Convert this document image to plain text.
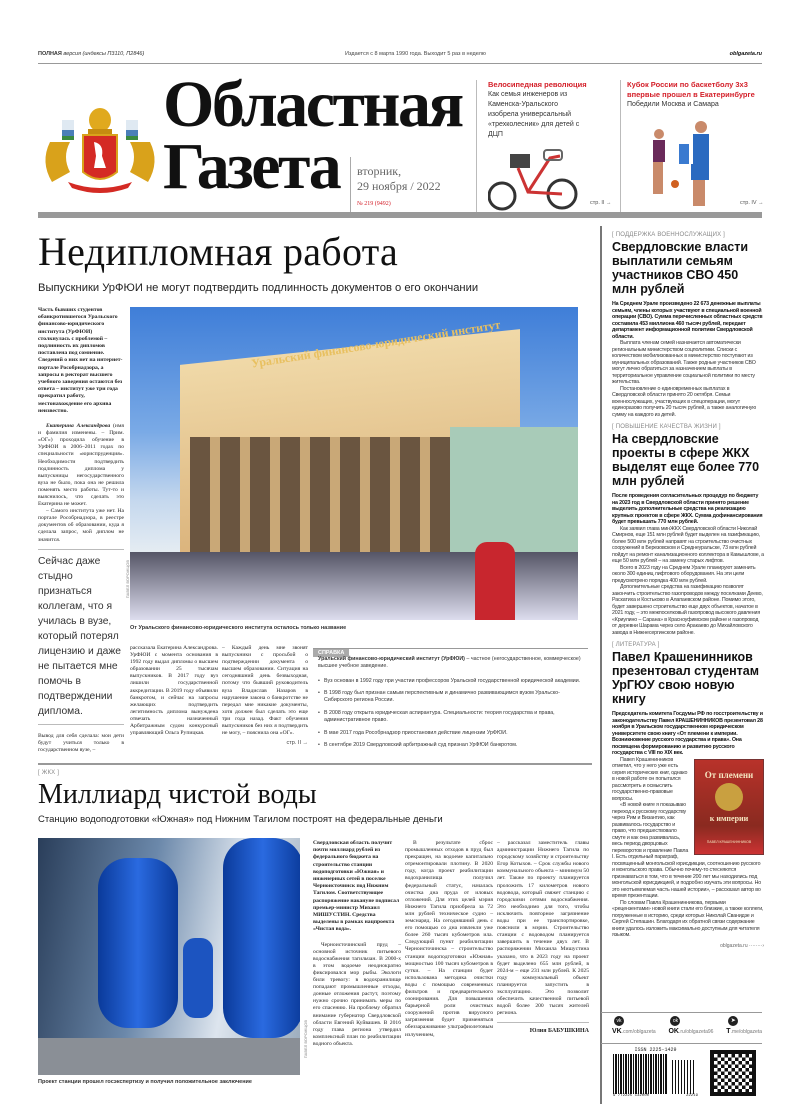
ПОЛНАЯ версия (индексы П3110, П2846)	Издается с 8 марта 1990 года. Выходит 5 раз в неделю	oblgazeta.ru
Областная
Газета вторник,
29 ноября / 2022
№ 219 (9492)
Велосипедная революция
Как семья инженеров из Каменска-Уральского изобрела универсальный «трехколесник» для детей с ДЦП
стр. II →
Кубок России по баскетболу 3х3 впервые прошел в Екатеринбурге
Победили Москва и Самара
стр. IV →
Недипломная работа
Выпускники УрФЮИ не могут подтвердить подлинность документов о его окончании
Часть бывших студентов обанкротившегося Уральского финансово-юридического института (УрФЮИ) столкнулась с проблемой – подлинность их дипломов поставлена под сомнение. Сведений о них нет на интернет-портале Рособрнадзора, а запросы в ректорат высшего учебного заведения остаются без ответа – институт уже три года прекратил работу, местонахождение его архива неизвестно.
Екатерина Александрова (имя и фамилия изменены. – Прим. «ОГ») проходила обучение в УрФЮИ в 2006–2011 годах по специальности «юриспруденция». Необходимости подтвердить подлинность диплома у выпускницы негосударственного вуза не было, пока она не решила поменять место работы. Тут-то и выяснилось, что сделать это Екатерина не может.
– Самого института уже нет. На портале Рособрнадзора, в реестре документов об образовании, куда я сделала запрос, мой диплом не значится.
Сейчас даже стыдно признаться коллегам, что я училась в вузе, который потерял лицензию и даже не пытается мне помочь в подтверждении диплома.
Вывод для себя сделала: мои дети будут учиться только в государственном вузе, –
Уральский финансово-юридический институт
От Уральского финансово-юридического института осталось только название
ПАВЕЛ ВОРОЖЦОВ
рассказала Екатерина Александрова. УрФЮИ с момента основания в 1992 году выдал дипломы о высшем образовании 25 тысячам выпускников. В 2017 году вуз лишили государственной аккредитации. В 2019 году объявили банкротом, и сейчас на запросы желающих подтвердить легитимность диплома вынуждена отвечать назначенный Арбитражным судом конкурсный управляющий Ольга Рупицкая.
– Каждый день мне звонят выпускники с просьбой о подтверждении документа о высшем образовании. Ситуация на сегодняшний день безвыходная, потому что бывший руководитель вуза Владислав Назаров в нарушение закона о банкротстве не передал мне никакие документы, хотя должен был сделать это еще три года назад. Факт обучения выпускников без них я подтвердить не могу, – пояснила она «ОГ».
стр. II →
СПРАВКА
Уральский финансово-юридический институт (УрФЮИ) – частное (негосударственное, коммерческое) высшее учебное заведение.
• Вуз основан в 1992 году при участии профессоров Уральской государственной юридической академии.
• В 1998 году был признан самым перспективным и динамично развивающимся вузом Уральско-Сибирского региона России.
• В 2008 году открыта юридическая аспирантура. Специальности: теория государства и права, административное право.
• В мае 2017 года Рособрнадзор приостановил действие лицензии УрФЮИ.
• В сентябре 2019 Свердловский арбитражный суд признал УрФЮИ банкротом.
[ ЖКХ ]
Миллиард чистой воды
Станцию водоподготовки «Южная» под Нижним Тагилом построят на федеральные деньги
Проект станции прошел госэкспертизу и получил положительное заключение
ПАВЕЛ ВОРОЖЦОВ
Свердловская область получит почти миллиард рублей из федерального бюджета на строительство станции водоподготовки «Южная» и инженерных сетей в поселке Черноисточинск под Нижним Тагилом. Соответствующее распоряжение накануне подписал премьер-министр Михаил МИШУСТИН. Средства выделены в рамках нацпроекта «Чистая вода».
Черноисточинский пруд – основной источник питьевого водоснабжения тагильчан. В 2000-х в этом водоеме неоднократно фиксировался мор рыбы. Экологи били тревогу: в водохранилище попадают промышленные отходы, донные отложения растут, поэтому нужно срочно принимать меры по его спасению. На проблему обратил внимание губернатор Свердловской области Евгений Куйвашев. В 2016 году глава региона утвердил комплексный план по реабилитации водного объекта.
В результате сброс промышленных отходов в пруд был прекращен, на водоеме капитально отремонтировали плотину. В 2020 году, когда проект реабилитации водохранилища получил федеральный статус, началась очистка дна пруда от иловых отложений. Для этих целей мэрия Нижнего Тагила приобрела за 72 млн рублей техническое судно – земснаряд. На сегодняшний день с его помощью со дна извлекли уже более 260 тысяч кубометров ила. Следующий пункт реабилитации Черноисточинска – строительство станции водоподготовки «Южная» мощностью 100 тысяч кубометров в сутки. – На станции будет использована методика очистки воды с помощью современных фильтров и предварительного озонирования. Для повышения барьерной роли очистных сооружений против вирусного загрязнения будет применяться обеззараживание ультрафиолетовым излучением,
– рассказал заместитель главы администрации Нижнего Тагила по городскому хозяйству и строительству Егор Котыхов. – Срок службы нового коммунального объекта – минимум 50 лет. Также по проекту планируется проложить 17 километров нового водовода, который свяжет станцию с городскими сетями водоснабжения. Это необходимо для того, чтобы исключить повторное загрязнение воды при ее транспортировке, пояснили в мэрии. Строительство станции с водоводом планируется завершить в течение двух лет. В распоряжении Михаила Мишустина указано, что в 2023 году на проект будет выделено 655 млн рублей, в 2024-м – еще 231 млн рублей. К 2025 году коммунальный объект планируется запустить в эксплуатацию. Это позволит обеспечить качественной питьевой водой более 200 тысяч жителей региона.
Юлия БАБУШКИНА
[ ПОДДЕРЖКА ВОЕННОСЛУЖАЩИХ ]
Свердловские власти выплатили семьям участников СВО 450 млн рублей

На Среднем Урале произведено 22 673 денежные выплаты семьям, члены которых участвуют в специальной военной операции (СВО). Сумма перечисленных областных средств составила 453 миллиона 460 тысяч рублей, передает департамент информационной политики Свердловской области.

Выплата членам семей назначается автоматически региональным министерством соцполитики. Списки с количеством мобилизованных в министерство поступают из муниципальных образований. Также родные участников СВО могут лично обратиться за назначением выплаты в территориальное управление социальной политики по месту жительства.

Постановление о единовременных выплатах в Свердловской области принято 20 октября. Семьи военнослужащих, участвующих в спецоперации, могут единоразово получить 20 тысяч рублей, а также аналогичную сумму на каждого из детей.

[ ПОВЫШЕНИЕ КАЧЕСТВА ЖИЗНИ ]
На свердловские проекты в сфере ЖКХ выделят еще более 770 млн рублей

После проведения согласительных процедур по бюджету на 2023 год в Свердловской области принято решение выделить дополнительные средства на реализацию крупных проектов в сфере ЖКХ. Сумма дофинансирования будет превышать 770 млн рублей.

Как заявил глава минЖКХ Свердловской области Николай Смирнов, еще 151 млн рублей будет выделен на газификацию, более 500 млн рублей направят на строительство очистных сооружений в Березовском и Среднеуральске, 73 млн рублей пойдут на ремонт канализационного коллектора в Камышлове, а еще 50 млн рублей – на замену старых лифтов.

Всего в 2023 году на Среднем Урале планируют заменить около 300 единиц лифтового оборудования. На эти цели предусмотрено порядка 400 млн рублей.

Дополнительные средства на газификацию позволят закончить строительство газопроводов между поселками Деево, Раскатиха и Костьково в Алапаевском районе. Помимо этого, будет завершено строительство еще двух объектов, начатое в 2021 году, – это межпоселковый газопровод высокого давления «Криулино – Сарана» в Красноуфимском районе и газопровод от деревни Шарама через село Аракаево до Михайловского завода в Нижнесергинском районе.

[ ЛИТЕРАТУРА ]
Павел Крашенинников презентовал студентам УрГЮУ свою новую книгу

Председатель комитета Госдумы РФ по госстроительству и законодательству Павел КРАШЕНИННИКОВ презентовал 28 ноября в Уральском государственном юридическом университете свою книгу «От племени к империи. Возникновение русского государства и права». Она посвящена формированию и развитию русского государства с VIII по XIX век.

От племени
к империи
ПАВЕЛ КРАШЕНИННИКОВ

Павел Крашенинников отметил, что у него уже есть серия исторических книг, однако в новой работе он попытался рассмотреть и осмыслить государственно-правовые вопросы.

«В новой книге я показываю переход к русскому государству через Рим и Византию, как развивалось государство и право, что предшествовало смуте и как она развивалась, весь период дворцовых переворотов и правление Павла I. Есть отдельный параграф, посвященный монгольской юрисдикции, соотношению русского и монгольского права. Обычно почему-то стесняются признаваться в том, что в течение 200 лет мы находились под монгольской юрисдикцией, и подробно изучать эти вопросы. Но это неотъемлемая часть нашей истории», – рассказал автор во время презентации.

По словам Павла Крашенинникова, первыми «рецензентами» новой книги стали его близкие, а также коллеги, погруженные в историю, среди которых Николай Сванидзе и Сергей Степашин. Благодаря их обратной связи содержание книги удалось изложить максимально доступным для читателя языком.

oblgazeta.ru ········›
vk
VK.com/oblgazeta
ok
OK.ru/oblgazeta96
➤
T.me/oblgazeta
ISSN 2225-1429
9 772225 132000	22219
